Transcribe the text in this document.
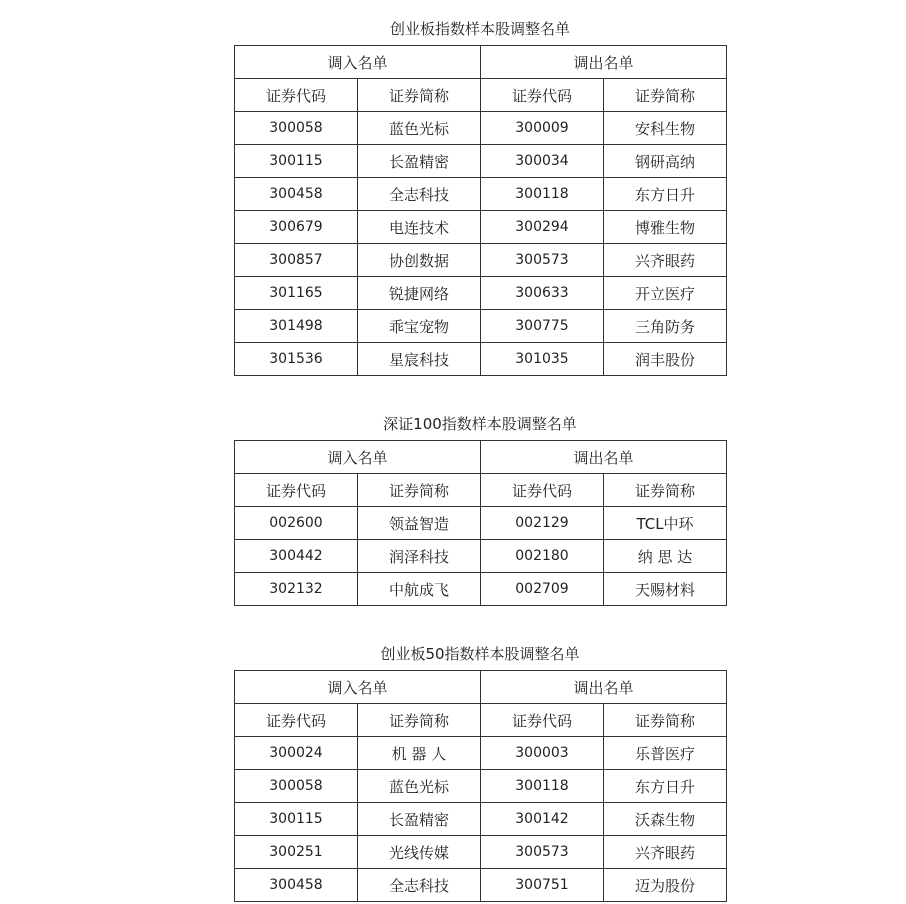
创业板指数样本股调整名单
调入名单		调出名单	
证券代码	证券简称	证券代码	证券简称
300058	蓝色光标	300009	安科生物
300115	长盈精密	300034	钢研高纳
300458	全志科技	300118	东方日升
300679	电连技术	300294	博雅生物
300857	协创数据	300573	兴齐眼药
301165	锐捷网络	300633	开立医疗
301498	乖宝宠物	300775	三角防务
301536	星宸科技	301035	润丰股份
深证100指数样本股调整名单
调入名单		调出名单	
证券代码	证券简称	证券代码	证券简称
002600	领益智造	002129	TCL中环
300442	润泽科技	002180	纳 思 达
302132	中航成飞	002709	天赐材料
创业板50指数样本股调整名单
调入名单		调出名单	
证券代码	证券简称	证券代码	证券简称
300024	机 器 人	300003	乐普医疗
300058	蓝色光标	300118	东方日升
300115	长盈精密	300142	沃森生物
300251	光线传媒	300573	兴齐眼药
300458	全志科技	300751	迈为股份
